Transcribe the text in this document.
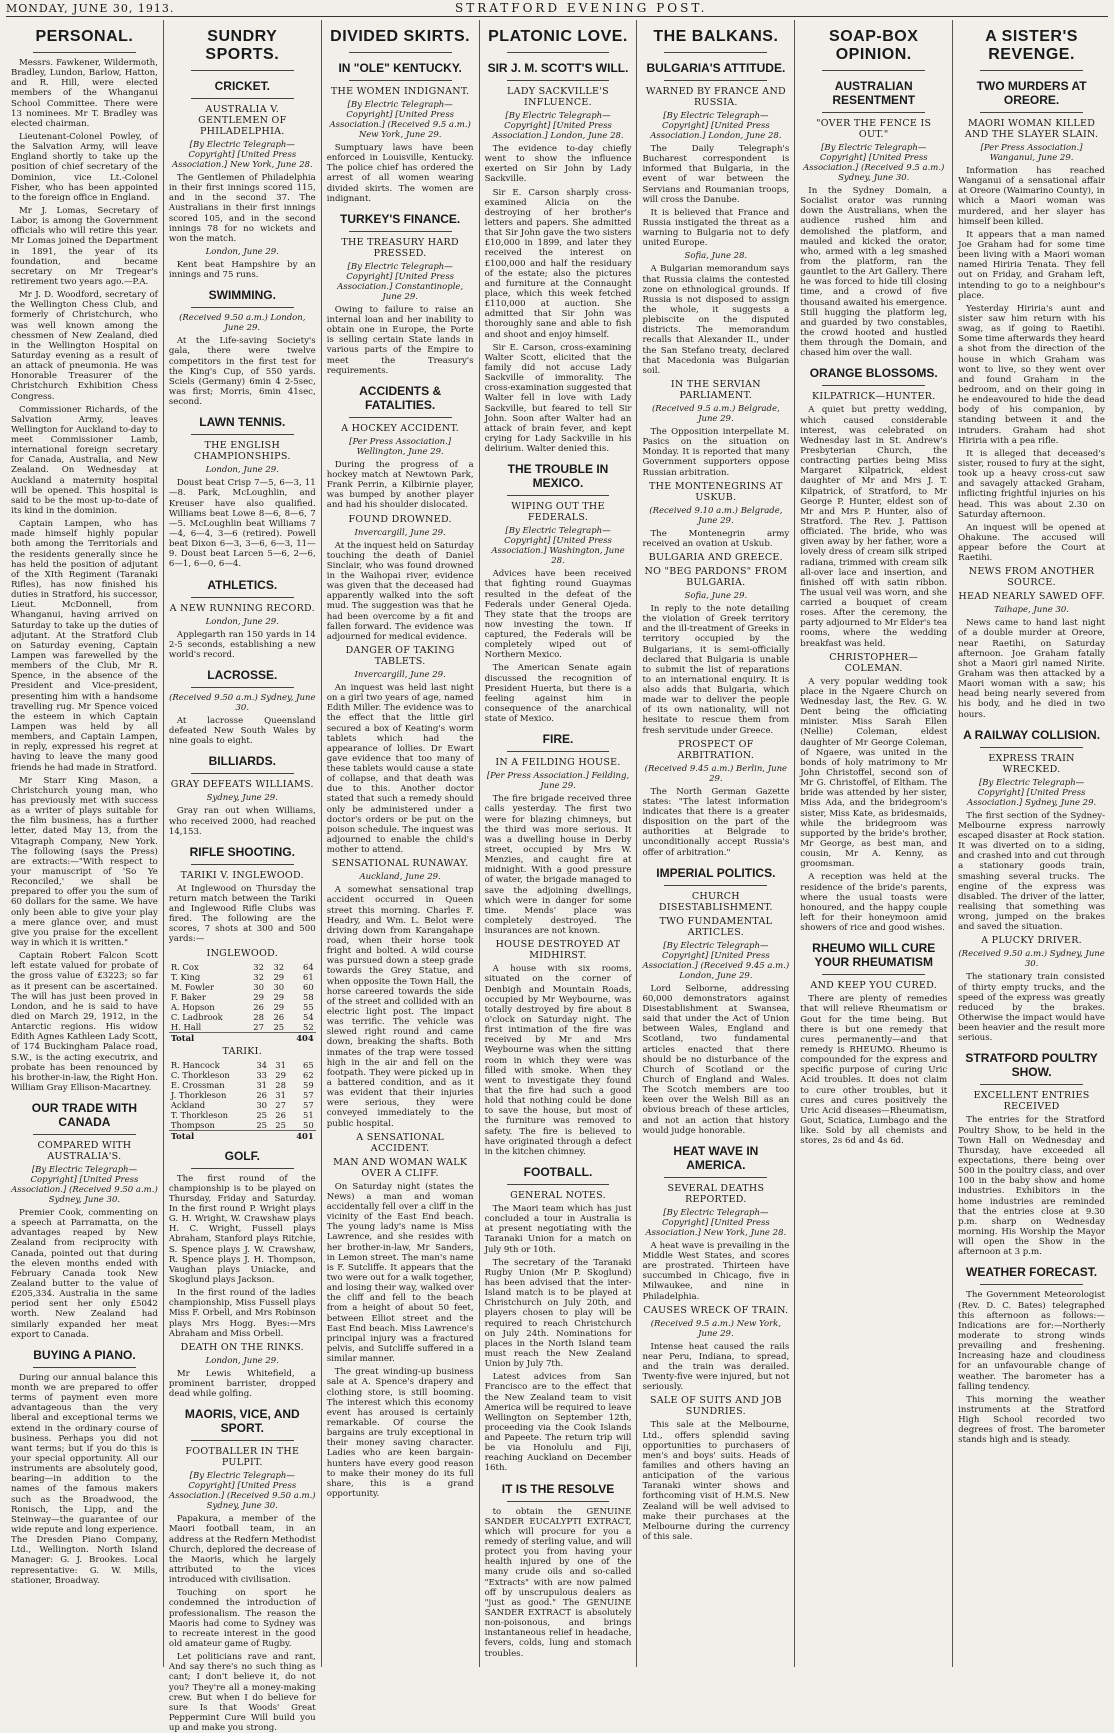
MONDAY, JUNE 30, 1913.	STRATFORD EVENING POST.
PERSONAL.

Messrs. Fawkener, Wildermoth, Bradley, Lundon, Barlow, Hatton, and R. Hill, were elected members of the Whanganui School Committee. There were 13 nominees. Mr T. Bradley was elected chairman.

Lieutenant-Colonel Powley, of the Salvation Army, will leave England shortly to take up the position of chief secretary of the Dominion, vice Lt.-Colonel Fisher, who has been appointed to the foreign office in England.

Mr J. Lomas, Secretary of Labor, is among the Government officials who will retire this year. Mr Lomas joined the Department in 1891, the year of its foundation, and became secretary on Mr Tregear's retirement two years ago.—P.A.

Mr J. D. Woodford, secretary of the Wellington Chess Club, and formerly of Christchurch, who was well known among the chessmen of New Zealand, died in the Wellington Hospital on Saturday evening as a result of an attack of pneumonia. He was Honorable Treasurer of the Christchurch Exhibition Chess Congress.

Commissioner Richards, of the Salvation Army, leaves Wellington for Auckland to-day to meet Commissioner Lamb, international foreign secretary for Canada, Australia, and New Zealand. On Wednesday at Auckland a maternity hospital will be opened. This hospital is said to be the most up-to-date of its kind in the dominion.

Captain Lampen, who has made himself highly popular both among the Territorials and the residents generally since he has held the position of adjutant of the XIth Regiment (Taranaki Rifles), has now finished his duties in Stratford, his successor, Lieut. McDonnell, from Whanganui, having arrived on Saturday to take up the duties of adjutant. At the Stratford Club on Saturday evening, Captain Lampen was farewelled by the members of the Club, Mr R. Spence, in the absence of the President and Vice-president, presenting him with a handsome travelling rug. Mr Spence voiced the esteem in which Captain Lampen was held by all members, and Captain Lampen, in reply, expressed his regret at having to leave the many good friends he had made in Stratford.

Mr Starr King Mason, a Christchurch young man, who has previously met with success as a writer of plays suitable for the film business, has a further letter, dated May 13, from the Vitagraph Company, New York. The following (says the Press) are extracts:—"With respect to your manuscript of 'So Ye Reconciled,' we shall be prepared to offer you the sum of 60 dollars for the same. We have only been able to give your play a mere glance over, and must give you praise for the excellent way in which it is written."

Captain Robert Falcon Scott left estate valued for probate of the gross value of £3223; so far as it present can be ascertained. The will has just been proved in London, and he is said to have died on March 29, 1912, in the Antarctic regions. His widow Edith Agnes Kathleen Lady Scott, of 174 Buckingham Palace road, S.W., is the acting executrix, and probate has been renounced by his brother-in-law, the Right Hon. William Gray Ellison-Macartney.

OUR TRADE WITH CANADA
COMPARED WITH AUSTRALIA'S.
[By Electric Telegraph—Copyright] [United Press Association.] (Received 9.50 a.m.) Sydney, June 30.

Premier Cook, commenting on a speech at Parramatta, on the advantages reaped by New Zealand from reciprocity with Canada, pointed out that during the eleven months ended with February Canada took New Zealand butter to the value of £205,334. Australia in the same period sent her only £5042 worth. New Zealand had similarly expanded her meat export to Canada.

BUYING A PIANO.

During our annual balance this month we are prepared to offer terms of payment even more advantageous than the very liberal and exceptional terms we extend in the ordinary course of business. Perhaps you did not want terms; but if you do this is your special opportunity. All our instruments are absolutely good, bearing—in addition to the names of the famous makers such as the Broadwood, the Ronisch, the Lipp, and the Steinway—the guarantee of our wide repute and long experience. The Dresden Piano Company, Ltd., Wellington. North Island Manager: G. J. Brookes. Local representative: G. W. Mills, stationer, Broadway.

SUNDRY SPORTS.
CRICKET.
AUSTRALIA V. GENTLEMEN OF PHILADELPHIA.
[By Electric Telegraph—Copyright] [United Press Association.] New York, June 28.

The Gentlemen of Philadelphia in their first innings scored 115, and in the second 37. The Australians in their first innings scored 105, and in the second innings 78 for no wickets and won the match.

London, June 29.

Kent beat Hampshire by an innings and 75 runs.

SWIMMING.
(Received 9.50 a.m.) London, June 29.

At the Life-saving Society's gala, there were twelve competitors in the first test for the King's Cup, of 550 yards. Sciels (Germany) 6min 4 2-5sec, was first; Morris, 6min 41sec, second.

LAWN TENNIS.
THE ENGLISH CHAMPIONSHIPS.
London, June 29.

Doust beat Crisp 7—5, 6—3, 11—8. Park, McLoughlin, and Kreuser have also qualified. Williams beat Lowe 8—6, 8—6, 7—5. McLoughlin beat Williams 7—4, 6—4, 3—6 (retired). Powell beat Dixon 6—3, 3—6, 6—3, 11—9. Doust beat Larcen 5—6, 2—6, 6—1, 6—0, 6—4.

ATHLETICS.
A NEW RUNNING RECORD.
London, June 29.

Applegarth ran 150 yards in 14 2-5 seconds, establishing a new world's record.

LACROSSE.
(Received 9.50 a.m.) Sydney, June 30.

At lacrosse Queensland defeated New South Wales by nine goals to eight.

BILLIARDS.
GRAY DEFEATS WILLIAMS.
Sydney, June 29.

Gray ran out when Williams, who received 2000, had reached 14,153.

RIFLE SHOOTING.
TARIKI V. INGLEWOOD.

At Inglewood on Thursday the return match between the Tariki and Inglewood Rifle Clubs was fired. The following are the scores, 7 shots at 300 and 500 yards:—

INGLEWOOD.
R. Cox	32	32	64
T. King	32	29	61
M. Fowler	30	30	60
F. Baker	29	29	58
A. Hopson	26	29	55
C. Ladbrook	28	26	54
H. Hall	27	25	52
Total			404
TARIKI.
R. Hancock	34	31	65
C. Thorkleson	33	29	62
E. Crossman	31	28	59
J. Thorkleson	26	31	57
Ackland	30	27	57
T. Thorkleson	25	26	51
Thompson	25	25	50
Total			401
GOLF.

The first round of the championship is to be played on Thursday, Friday and Saturday. In the first round P. Wright plays G. H. Wright, W. Crawshaw plays H. C. Wright, Fussell plays Abraham, Stanford plays Ritchie, S. Spence plays J. W. Crawshaw, R. Spence plays J. H. Thompson, Vaughan plays Uniacke, and Skoglund plays Jackson.

In the first round of the ladies championship, Miss Fussell plays Miss F. Orbell, and Mrs Robinson plays Mrs Hogg. Byes:—Mrs Abraham and Miss Orbell.

DEATH ON THE RINKS.
London, June 29.

Mr Lewis Whitefield, a prominent barrister, dropped dead while golfing.

MAORIS, VICE, AND SPORT.
FOOTBALLER IN THE PULPIT.
[By Electric Telegraph—Copyright] [United Press Association.] (Received 9.50 a.m.) Sydney, June 30.

Papakura, a member of the Maori football team, in an address at the Redfern Methodist Church, deplored the decrease of the Maoris, which he largely attributed to the vices introduced with civilisation.

Touching on sport he condemned the introduction of professionalism. The reason the Maoris had come to Sydney was to recreate interest in the good old amateur game of Rugby.

Let politicians rave and rant, And say there's no such thing as cant; I don't believe it, do not you? They're all a money-making crew. But when I do believe for sure Is that Woods' Great Peppermint Cure Will build you up and make you strong.

DIVIDED SKIRTS.
IN "OLE" KENTUCKY.
THE WOMEN INDIGNANT.
[By Electric Telegraph—Copyright] [United Press Association.] (Received 9.5 a.m.) New York, June 29.

Sumptuary laws have been enforced in Louisville, Kentucky. The police chief has ordered the arrest of all women wearing divided skirts. The women are indignant.

TURKEY'S FINANCE.
THE TREASURY HARD PRESSED.
[By Electric Telegraph—Copyright] [United Press Association.] Constantinople, June 29.

Owing to failure to raise an internal loan and her inability to obtain one in Europe, the Porte is selling certain State lands in various parts of the Empire to meet the Treasury's requirements.

ACCIDENTS & FATALITIES.
A HOCKEY ACCIDENT.
[Per Press Association.] Wellington, June 29.

During the progress of a hockey match at Newtown Park, Frank Perrin, a Kilbirnie player, was bumped by another player and had his shoulder dislocated.

FOUND DROWNED.
Invercargill, June 29.

At the inquest held on Saturday touching the death of Daniel Sinclair, who was found drowned in the Waihopai river, evidence was given that the deceased had apparently walked into the soft mud. The suggestion was that he had been overcome by a fit and fallen forward. The evidence was adjourned for medical evidence.

DANGER OF TAKING TABLETS.
Invercargill, June 29.

An inquest was held last night on a girl two years of age, named Edith Miller. The evidence was to the effect that the little girl secured a box of Keating's worm tablets which had the appearance of lollies. Dr Ewart gave evidence that too many of these tablets would cause a state of collapse, and that death was due to this. Another doctor stated that such a remedy should only be administered under a doctor's orders or be put on the poison schedule. The inquest was adjourned to enable the child's mother to attend.

SENSATIONAL RUNAWAY.
Auckland, June 29.

A somewhat sensational trap accident occurred in Queen street this morning. Charles F. Headry, and Wm. L. Belot were driving down from Karangahape road, when their horse took fright and bolted. A wild course was pursued down a steep grade towards the Grey Statue, and when opposite the Town Hall, the horse careered towards the side of the street and collided with an electric light post. The impact was terrific. The vehicle was slewed right round and came down, breaking the shafts. Both inmates of the trap were tossed high in the air and fell on the footpath. They were picked up in a battered condition, and as it was evident that their injuries were serious, they were conveyed immediately to the public hospital.

A SENSATIONAL ACCIDENT.
MAN AND WOMAN WALK OVER A CLIFF.

On Saturday night (states the News) a man and woman accidentally fell over a cliff in the vicinity of the East End beach. The young lady's name is Miss Lawrence, and she resides with her brother-in-law, Mr Sanders, in Lemon street. The man's name is F. Sutcliffe. It appears that the two were out for a walk together, and losing their way, walked over the cliff and fell to the beach from a height of about 50 feet, between Elliot street and the East End beach. Miss Lawrence's principal injury was a fractured pelvis, and Sutcliffe suffered in a similar manner.

The great winding-up business sale at A. Spence's drapery and clothing store, is still booming. The interest which this economy event has aroused is certainly remarkable. Of course the bargains are truly exceptional in their money saving character. Ladies who are keen bargain-hunters have every good reason to make their money do its full share, this is a grand opportunity.

PLATONIC LOVE.
SIR J. M. SCOTT'S WILL.
LADY SACKVILLE'S INFLUENCE.
[By Electric Telegraph—Copyright] [United Press Association.] London, June 28.

The evidence to-day chiefly went to show the influence exerted on Sir John by Lady Sackville.

Sir E. Carson sharply cross-examined Alicia on the destroying of her brother's letters and papers. She admitted that Sir John gave the two sisters £10,000 in 1899, and later they received the interest on £100,000 and half the residuary of the estate; also the pictures and furniture at the Connaught place, which this week fetched £110,000 at auction. She admitted that Sir John was thoroughly sane and able to fish and shoot and enjoy himself.

Sir E. Carson, cross-examining Walter Scott, elicited that the family did not accuse Lady Sackville of immorality. The cross-examination suggested that Walter fell in love with Lady Sackville, but feared to tell Sir John. Soon after Walter had an attack of brain fever, and kept crying for Lady Sackville in his delirium. Walter denied this.

THE TROUBLE IN MEXICO.
WIPING OUT THE FEDERALS.
[By Electric Telegraph—Copyright] [United Press Association.] Washington, June 28.

Advices have been received that fighting round Guaymas resulted in the defeat of the Federals under General Ojeda. They state that the troops are now investing the town. If captured, the Federals will be completely wiped out of Northern Mexico.

The American Senate again discussed the recognition of President Huerta, but there is a feeling against him in consequence of the anarchical state of Mexico.

FIRE.
IN A FEILDING HOUSE.
[Per Press Association.] Feilding, June 29.

The fire brigade received three calls yesterday. The first two were for blazing chimneys, but the third was more serious. It was a dwelling house in Derby street, occupied by Mrs W. Menzies, and caught fire at midnight. With a good pressure of water, the brigade managed to save the adjoining dwellings, which were in danger for some time. Mends' place was completely destroyed. The insurances are not known.

HOUSE DESTROYED AT MIDHIRST.

A house with six rooms, situated on the corner of Denbigh and Mountain Roads, occupied by Mr Weybourne, was totally destroyed by fire about 8 o'clock on Saturday night. The first intimation of the fire was received by Mr and Mrs Weybourne was when the sitting room in which they were was filled with smoke. When they went to investigate they found that the fire had such a good hold that nothing could be done to save the house, but most of the furniture was removed to safety. The fire is believed to have originated through a defect in the kitchen chimney.

FOOTBALL.
GENERAL NOTES.

The Maori team which has just concluded a tour in Australia is at present negotiating with the Taranaki Union for a match on July 9th or 10th.

The secretary of the Taranaki Rugby Union (Mr P. Skoglund) has been advised that the inter-Island match is to be played at Christchurch on July 20th, and players chosen to play will be required to reach Christchurch on July 24th. Nominations for places in the North Island team must reach the New Zealand Union by July 7th.

Latest advices from San Francisco are to the effect that the New Zealand team to visit America will be required to leave Wellington on September 12th, proceeding via the Cook Islands and Papeete. The return trip will be via Honolulu and Fiji, reaching Auckland on December 16th.

IT IS THE RESOLVE

to obtain the GENUINE SANDER EUCALYPTI EXTRACT, which will procure for you a remedy of sterling value, and will protect you from having your health injured by one of the many crude oils and so-called "Extracts" with are now palmed off by unscrupulous dealers as "just as good." The GENUINE SANDER EXTRACT is absolutely non-poisonous, and brings instantaneous relief in headache, fevers, colds, lung and stomach troubles.

THE BALKANS.
BULGARIA'S ATTITUDE.
WARNED BY FRANCE AND RUSSIA.
[By Electric Telegraph—Copyright] [United Press Association.] London, June 28.

The Daily Telegraph's Bucharest correspondent is informed that Bulgaria, in the event of war between the Servians and Roumanian troops, will cross the Danube.

It is believed that France and Russia instigated the threat as a warning to Bulgaria not to defy united Europe.

Sofia, June 28.

A Bulgarian memorandum says that Russia claims the contested zone on ethnological grounds. If Russia is not disposed to assign the whole, it suggests a plebiscite on the disputed districts. The memorandum recalls that Alexander II., under the San Stefano treaty, declared that Macedonia was Bulgarian soil.

IN THE SERVIAN PARLIAMENT.
(Received 9.5 a.m.) Belgrade, June 29.

The Opposition interpellate M. Pasics on the situation on Monday. It is reported that many Government supporters oppose Russian arbitration.

THE MONTENEGRINS AT USKUB.
(Received 9.10 a.m.) Belgrade, June 29.

The Montenegrin army received an ovation at Uskub.

BULGARIA AND GREECE.
NO "BEG PARDONS" FROM BULGARIA.
Sofia, June 29.

In reply to the note detailing the violation of Greek territory and the ill-treatment of Greeks in territory occupied by the Bulgarians, it is semi-officially declared that Bulgaria is unable to submit the list of reparations to an international enquiry. It is also adds that Bulgaria, which made war to deliver the people of its own nationality, will not hesitate to rescue them from fresh servitude under Greece.

PROSPECT OF ARBITRATION.
(Received 9.45 a.m.) Berlin, June 29.

The North German Gazette states: "The latest information indicates that there is a greater disposition on the part of the authorities at Belgrade to unconditionally accept Russia's offer of arbitration."

IMPERIAL POLITICS.
CHURCH DISESTABLISHMENT.
TWO FUNDAMENTAL ARTICLES.
[By Electric Telegraph—Copyright] [United Press Association.] (Received 9.45 a.m.) London, June 29.

Lord Selborne, addressing 60,000 demonstrators against Disestablishment at Swansea, said that under the Act of Union between Wales, England and Scotland, two fundamental articles enacted that there should be no disturbance of the Church of Scotland or the Church of England and Wales. The Scotch members are too keen over the Welsh Bill as an obvious breach of these articles, and not an action that history would judge honorable.

HEAT WAVE IN AMERICA.
SEVERAL DEATHS REPORTED.
[By Electric Telegraph—Copyright] [United Press Association.] New York, June 28.

A heat wave is prevailing in the Middle West States, and scores are prostrated. Thirteen have succumbed in Chicago, five in Milwaukee, and nine in Philadelphia.

CAUSES WRECK OF TRAIN.
(Received 9.5 a.m.) New York, June 29.

Intense heat caused the rails near Peru, Indiana, to spread, and the train was derailed. Twenty-five were injured, but not seriously.

SALE OF SUITS AND JOB SUNDRIES.

This sale at the Melbourne, Ltd., offers splendid saving opportunities to purchasers of men's and boys' suits. Heads of families and others having an anticipation of the various Taranaki winter shows and forthcoming visit of H.M.S. New Zealand will be well advised to make their purchases at the Melbourne during the currency of this sale.

SOAP-BOX OPINION.
AUSTRALIAN RESENTMENT
"OVER THE FENCE IS OUT."
[By Electric Telegraph—Copyright] [United Press Association.] (Received 9.5 a.m.) Sydney, June 30.

In the Sydney Domain, a Socialist orator was running down the Australians, when the audience rushed him and demolished the platform, and mauled and kicked the orator, who, armed with a leg smashed from the platform, ran the gauntlet to the Art Gallery. There he was forced to hide till closing time, and a crowd of five thousand awaited his emergence. Still hugging the platform leg, and guarded by two constables, the crowd hooted and hustled them through the Domain, and chased him over the wall.

ORANGE BLOSSOMS.
KILPATRICK—HUNTER.

A quiet but pretty wedding, which caused considerable interest, was celebrated on Wednesday last in St. Andrew's Presbyterian Church, the contracting parties being Miss Margaret Kilpatrick, eldest daughter of Mr and Mrs J. T. Kilpatrick, of Stratford, to Mr George P. Hunter, eldest son of Mr and Mrs P. Hunter, also of Stratford. The Rev. J. Pattison officiated. The bride, who was given away by her father, wore a lovely dress of cream silk striped radiana, trimmed with cream silk all-over lace and insertion, and finished off with satin ribbon. The usual veil was worn, and she carried a bouquet of cream roses. After the ceremony, the party adjourned to Mr Elder's tea rooms, where the wedding breakfast was held.

CHRISTOPHER—COLEMAN.

A very popular wedding took place in the Ngaere Church on Wednesday last, the Rev. G. W. Dent being the officiating minister. Miss Sarah Ellen (Nellie) Coleman, eldest daughter of Mr George Coleman, of Ngaere, was united in the bonds of holy matrimony to Mr John Christoffel, second son of Mr G. Christoffel, of Eltham. The bride was attended by her sister, Miss Ada, and the bridegroom's sister, Miss Kate, as bridesmaids, while the bridegroom was supported by the bride's brother, Mr George, as best man, and cousin, Mr A. Kenny, as groomsman.

A reception was held at the residence of the bride's parents, where the usual toasts were honoured, and the happy couple left for their honeymoon amid showers of rice and good wishes.

RHEUMO WILL CURE YOUR RHEUMATISM
AND KEEP YOU CURED.

There are plenty of remedies that will relieve Rheumatism or Gout for the time being. But there is but one remedy that cures permanently—and that remedy is RHEUMO. Rheumo is compounded for the express and specific purpose of curing Uric Acid troubles. It does not claim to cure other troubles, but it cures and cures positively the Uric Acid diseases—Rheumatism, Gout, Sciatica, Lumbago and the like. Sold by all chemists and stores, 2s 6d and 4s 6d.

A SISTER'S REVENGE.
TWO MURDERS AT OREORE.
MAORI WOMAN KILLED AND THE SLAYER SLAIN.
[Per Press Association.] Wanganui, June 29.

Information has reached Wanganui of a sensational affair at Oreore (Waimarino County), in which a Maori woman was murdered, and her slayer has himself been killed.

It appears that a man named Joe Graham had for some time been living with a Maori woman named Hiriria Tenata. They fell out on Friday, and Graham left, intending to go to a neighbour's place.

Yesterday Hiriria's aunt and sister saw him return with his swag, as if going to Raetihi. Some time afterwards they heard a shot from the direction of the house in which Graham was wont to live, so they went over and found Graham in the bedroom, and on their going in he endeavoured to hide the dead body of his companion, by standing between it and the intruders. Graham had shot Hiriria with a pea rifle.

It is alleged that deceased's sister, roused to fury at the sight, took up a heavy cross-cut saw and savagely attacked Graham, inflicting frightful injuries on his head. This was about 2.30 on Saturday afternoon.

An inquest will be opened at Ohakune. The accused will appear before the Court at Raetihi.

NEWS FROM ANOTHER SOURCE.
HEAD NEARLY SAWED OFF.
Taihape, June 30.

News came to hand last night of a double murder at Oreore, near Raetihi, on Saturday afternoon. Joe Graham fatally shot a Maori girl named Nirite. Graham was then attacked by a Maori woman with a saw; his head being nearly severed from his body, and he died in two hours.

A RAILWAY COLLISION.
EXPRESS TRAIN WRECKED.
[By Electric Telegraph—Copyright] [United Press Association.] Sydney, June 29.

The first section of the Sydney-Melbourne express narrowly escaped disaster at Rock station. It was diverted on to a siding, and crashed into and cut through a stationary goods train, smashing several trucks. The engine of the express was disabled. The driver of the latter, realising that something was wrong, jumped on the brakes and saved the situation.

A PLUCKY DRIVER.
(Received 9.50 a.m.) Sydney, June 30.

The stationary train consisted of thirty empty trucks, and the speed of the express was greatly reduced by the brakes. Otherwise the impact would have been heavier and the result more serious.

STRATFORD POULTRY SHOW.
EXCELLENT ENTRIES RECEIVED

The entries for the Stratford Poultry Show, to be held in the Town Hall on Wednesday and Thursday, have exceeded all expectations, there being over 500 in the poultry class, and over 100 in the baby show and home industries. Exhibitors in the home industries are reminded that the entries close at 9.30 p.m. sharp on Wednesday morning. His Worship the Mayor will open the Show in the afternoon at 3 p.m.

WEATHER FORECAST.

The Government Meteorologist (Rev. D. C. Bates) telegraphed this afternoon as follows:—Indications are for:—Northerly moderate to strong winds prevailing and freshening. Increasing haze and cloudiness for an unfavourable change of weather. The barometer has a falling tendency.

This morning the weather instruments at the Stratford High School recorded two degrees of frost. The barometer stands high and is steady.
